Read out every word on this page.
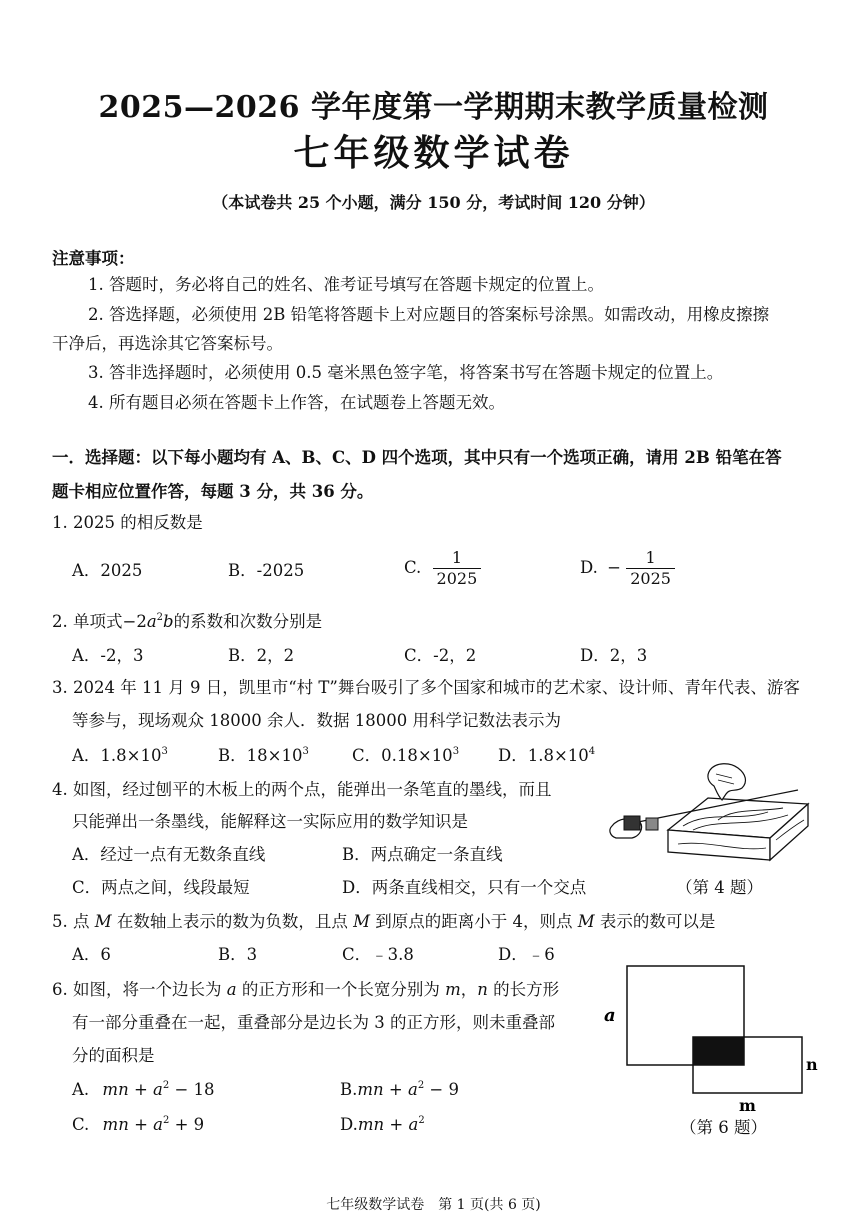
2025—2026 学年度第一学期期末教学质量检测
七年级数学试卷
（本试卷共 25 个小题，满分 150 分，考试时间 120 分钟）
注意事项：
1. 答题时，务必将自己的姓名、准考证号填写在答题卡规定的位置上。
2. 答选择题，必须使用 2B 铅笔将答题卡上对应题目的答案标号涂黑。如需改动，用橡皮擦擦
干净后，再选涂其它答案标号。
3. 答非选择题时，必须使用 0.5 毫米黑色签字笔，将答案书写在答题卡规定的位置上。
4. 所有题目必须在答题卡上作答，在试题卷上答题无效。
一．选择题：以下每小题均有 A、B、C、D 四个选项，其中只有一个选项正确，请用 2B 铅笔在答
题卡相应位置作答，每题 3 分，共 36 分。
1. 2025 的相反数是
A．2025	B．-2025	C. $\frac{1}{2025}$	D. − $\frac{1}{2025}$
2. 单项式$-2a^2b$的系数和次数分别是
A．-2，3	B．2，2	C．-2，2	D．2，3
3. 2024 年 11 月 9 日，凯里市“村 T”舞台吸引了多个国家和城市的艺术家、设计师、青年代表、游客
等参与，现场观众 18000 余人．数据 18000 用科学记数法表示为
A．$1.8\times 10^3$	B．$18\times 10^3$	C．$0.18\times 10^3$ D．$1.8\times 10^4$
4. 如图，经过刨平的木板上的两个点，能弹出一条笔直的墨线，而且
只能弹出一条墨线，能解释这一实际应用的数学知识是
A．经过一点有无数条直线	B．两点确定一条直线
C．两点之间，线段最短	D．两条直线相交，只有一个交点	（第 4 题）
5. 点 M 在数轴上表示的数为负数，且点 M 到原点的距离小于 4，则点 M 表示的数可以是
A．6	B．3	C．﹣3.8	D．﹣6
6. 如图，将一个边长为 a 的正方形和一个长宽分别为 m，n 的长方形
有一部分重叠在一起，重叠部分是边长为 3 的正方形，则未重叠部
分的面积是
A. mn + $a^2 - 18$	$B.mn + a^2 - 9$
C. mn + $a^2 + 9$	$D.mn + a^2$
a
n
m
（第 6 题）
七年级数学试卷　第 1 页(共 6 页)
